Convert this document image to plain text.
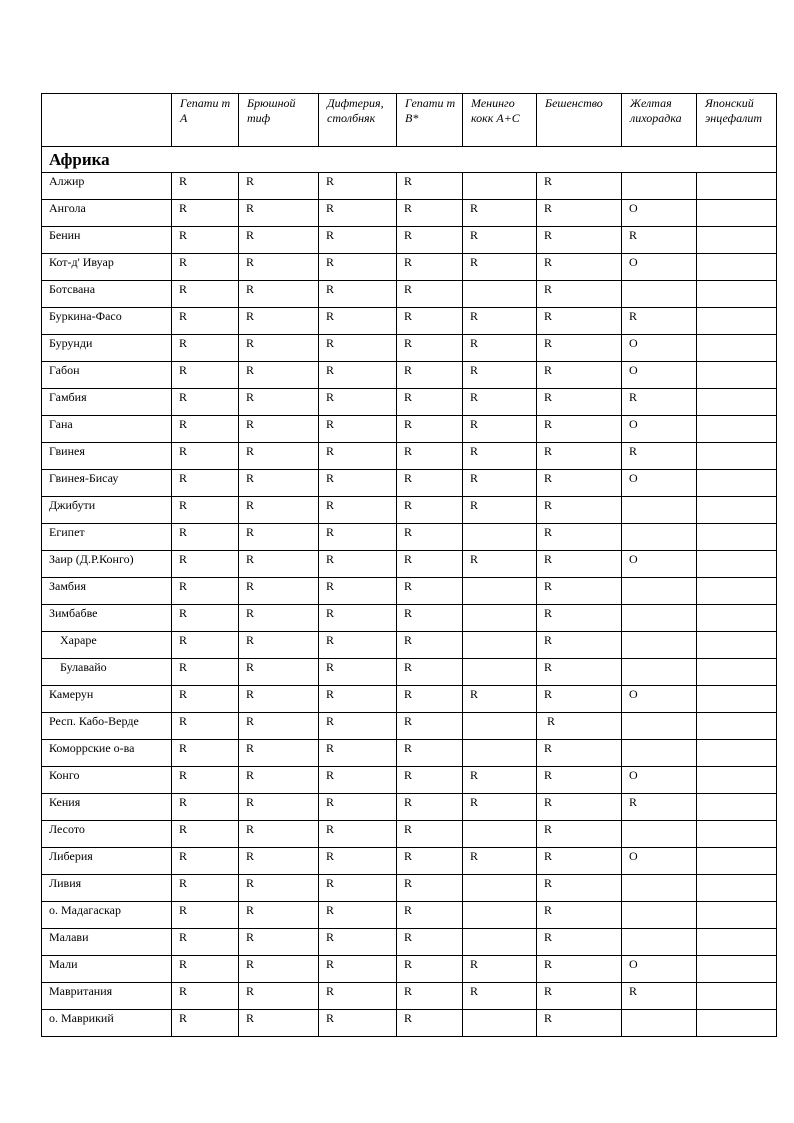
	Гепати т А	Брюшной тиф	Дифтерия, столбняк	Гепати т В*	Менинго кокк А+С	Бешенство	Желтая лихорадка	Японский энцефалит
Африка								
Алжир	R	R	R	R		R		
Ангола	R	R	R	R	R	R	O	
Бенин	R	R	R	R	R	R	R	
Кот-д' Ивуар	R	R	R	R	R	R	O	
Ботсвана	R	R	R	R		R		
Буркина-Фасо	R	R	R	R	R	R	R	
Бурунди	R	R	R	R	R	R	O	
Габон	R	R	R	R	R	R	O	
Гамбия	R	R	R	R	R	R	R	
Гана	R	R	R	R	R	R	O	
Гвинея	R	R	R	R	R	R	R	
Гвинея-Бисау	R	R	R	R	R	R	O	
Джибути	R	R	R	R	R	R		
Египет	R	R	R	R		R		
Заир (Д.Р.Конго)	R	R	R	R	R	R	O	
Замбия	R	R	R	R		R		
Зимбабве	R	R	R	R		R		
Хараре	R	R	R	R		R		
Булавайо	R	R	R	R		R		
Камерун	R	R	R	R	R	R	O	
Респ. Кабо-Верде	R	R	R	R		R		
Коморрские о-ва	R	R	R	R		R		
Конго	R	R	R	R	R	R	O	
Кения	R	R	R	R	R	R	R	
Лесото	R	R	R	R		R		
Либерия	R	R	R	R	R	R	O	
Ливия	R	R	R	R		R		
о. Мадагаскар	R	R	R	R		R		
Малави	R	R	R	R		R		
Мали	R	R	R	R	R	R	O	
Мавритания	R	R	R	R	R	R	R	
о. Маврикий	R	R	R	R		R		
